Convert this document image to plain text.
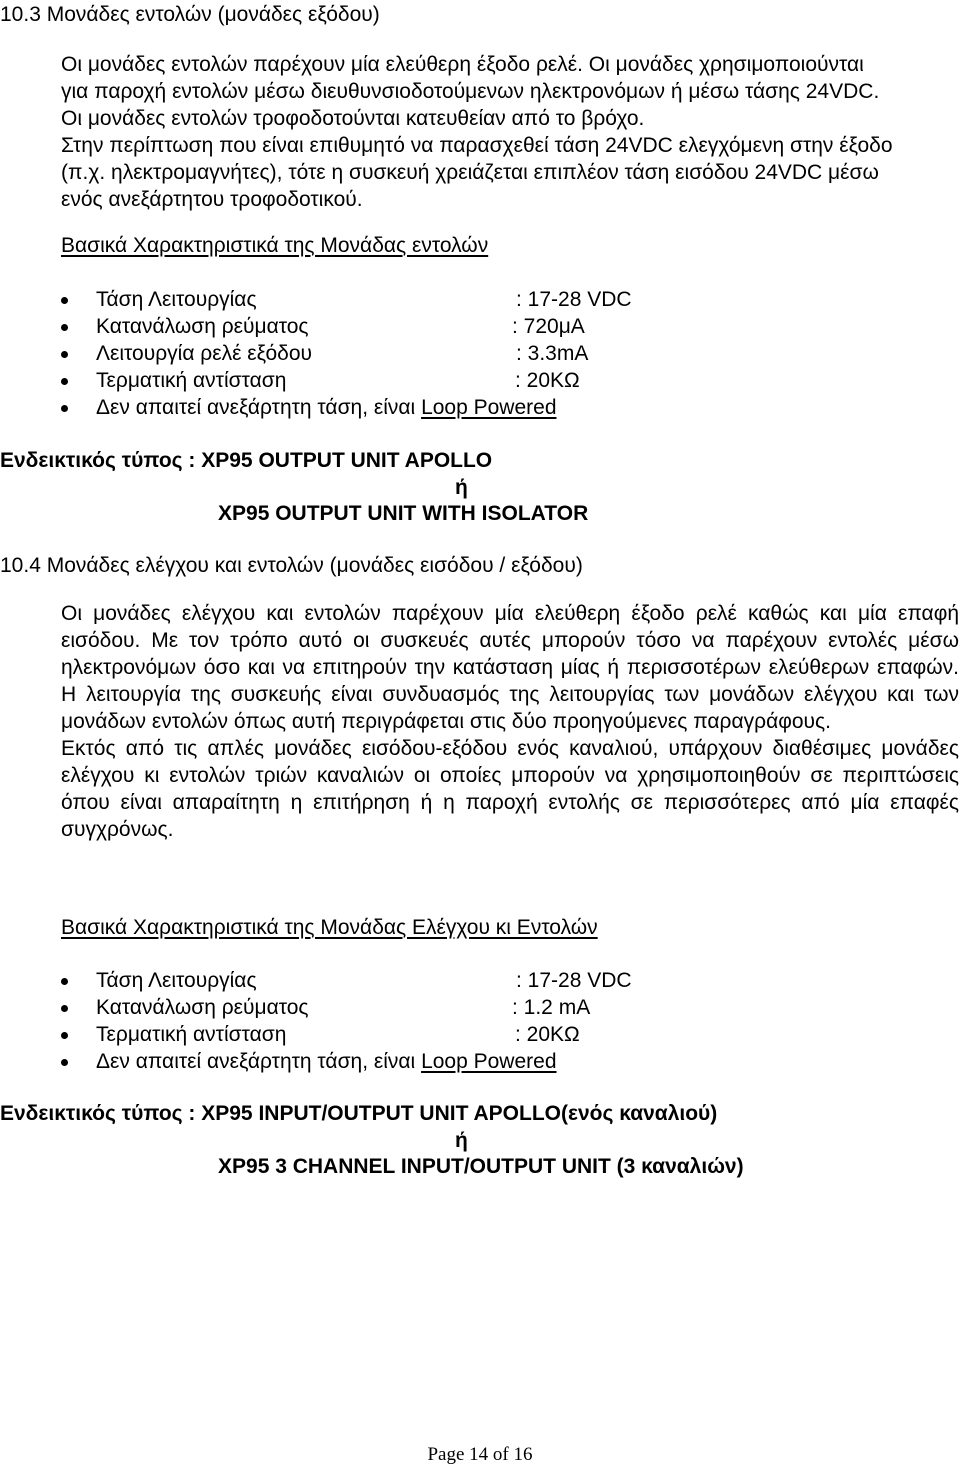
10.3 Μονάδες εντολών (μονάδες εξόδου)
Οι μονάδες εντολών παρέχουν μία ελεύθερη έξοδο ρελέ. Οι μονάδες χρησιμοποιούνται
για παροχή εντολών μέσω διευθυνσιοδοτούμενων ηλεκτρονόμων ή μέσω τάσης 24VDC.
Οι μονάδες εντολών τροφοδοτούνται κατευθείαν από το βρόχο.
Στην περίπτωση που είναι επιθυμητό να παρασχεθεί τάση 24VDC ελεγχόμενη στην έξοδο
(π.χ. ηλεκτρομαγνήτες), τότε η συσκευή χρειάζεται επιπλέον τάση εισόδου 24VDC μέσω
ενός ανεξάρτητου τροφοδοτικού.
Βασικά Χαρακτηριστικά της Μονάδας εντολών
Τάση Λειτουργίας	: 17-28 VDC
Κατανάλωση ρεύματος	: 720μA
Λειτουργία ρελέ εξόδου	: 3.3mA
Τερματική αντίσταση	: 20ΚΩ
Δεν απαιτεί ανεξάρτητη τάση, είναι Loop Powered
Ενδεικτικός τύπος : XP95 OUTPUT UNIT APOLLO
ή
XP95 OUTPUT UNIT WITH ISOLATOR
10.4 Μονάδες ελέγχου και εντολών (μονάδες εισόδου / εξόδου)
Οι μονάδες ελέγχου και εντολών παρέχουν μία ελεύθερη έξοδο ρελέ καθώς και μία επαφή εισόδου. Με τον τρόπο αυτό οι συσκευές αυτές μπορούν τόσο να παρέχουν εντολές μέσω ηλεκτρονόμων όσο και να επιτηρούν την κατάσταση μίας ή περισσοτέρων ελεύθερων επαφών. Η λειτουργία της συσκευής είναι συνδυασμός της λειτουργίας των μονάδων ελέγχου και των μονάδων εντολών όπως αυτή περιγράφεται στις δύο προηγούμενες παραγράφους.
Εκτός από τις απλές μονάδες εισόδου-εξόδου ενός καναλιού, υπάρχουν διαθέσιμες μονάδες ελέγχου κι εντολών τριών καναλιών οι οποίες μπορούν να χρησιμοποιηθούν σε περιπτώσεις όπου είναι απαραίτητη η επιτήρηση ή η παροχή εντολής σε περισσότερες από μία επαφές συγχρόνως.
Βασικά Χαρακτηριστικά της Μονάδας Ελέγχου κι Εντολών
Τάση Λειτουργίας	: 17-28 VDC
Κατανάλωση ρεύματος	: 1.2 mA
Τερματική αντίσταση	: 20ΚΩ
Δεν απαιτεί ανεξάρτητη τάση, είναι Loop Powered
Ενδεικτικός τύπος : XP95 INPUT/OUTPUT UNIT APOLLO(ενός καναλιού)
ή
XP95 3 CHANNEL INPUT/OUTPUT UNIT (3 καναλιών)
Page 14 of 16
